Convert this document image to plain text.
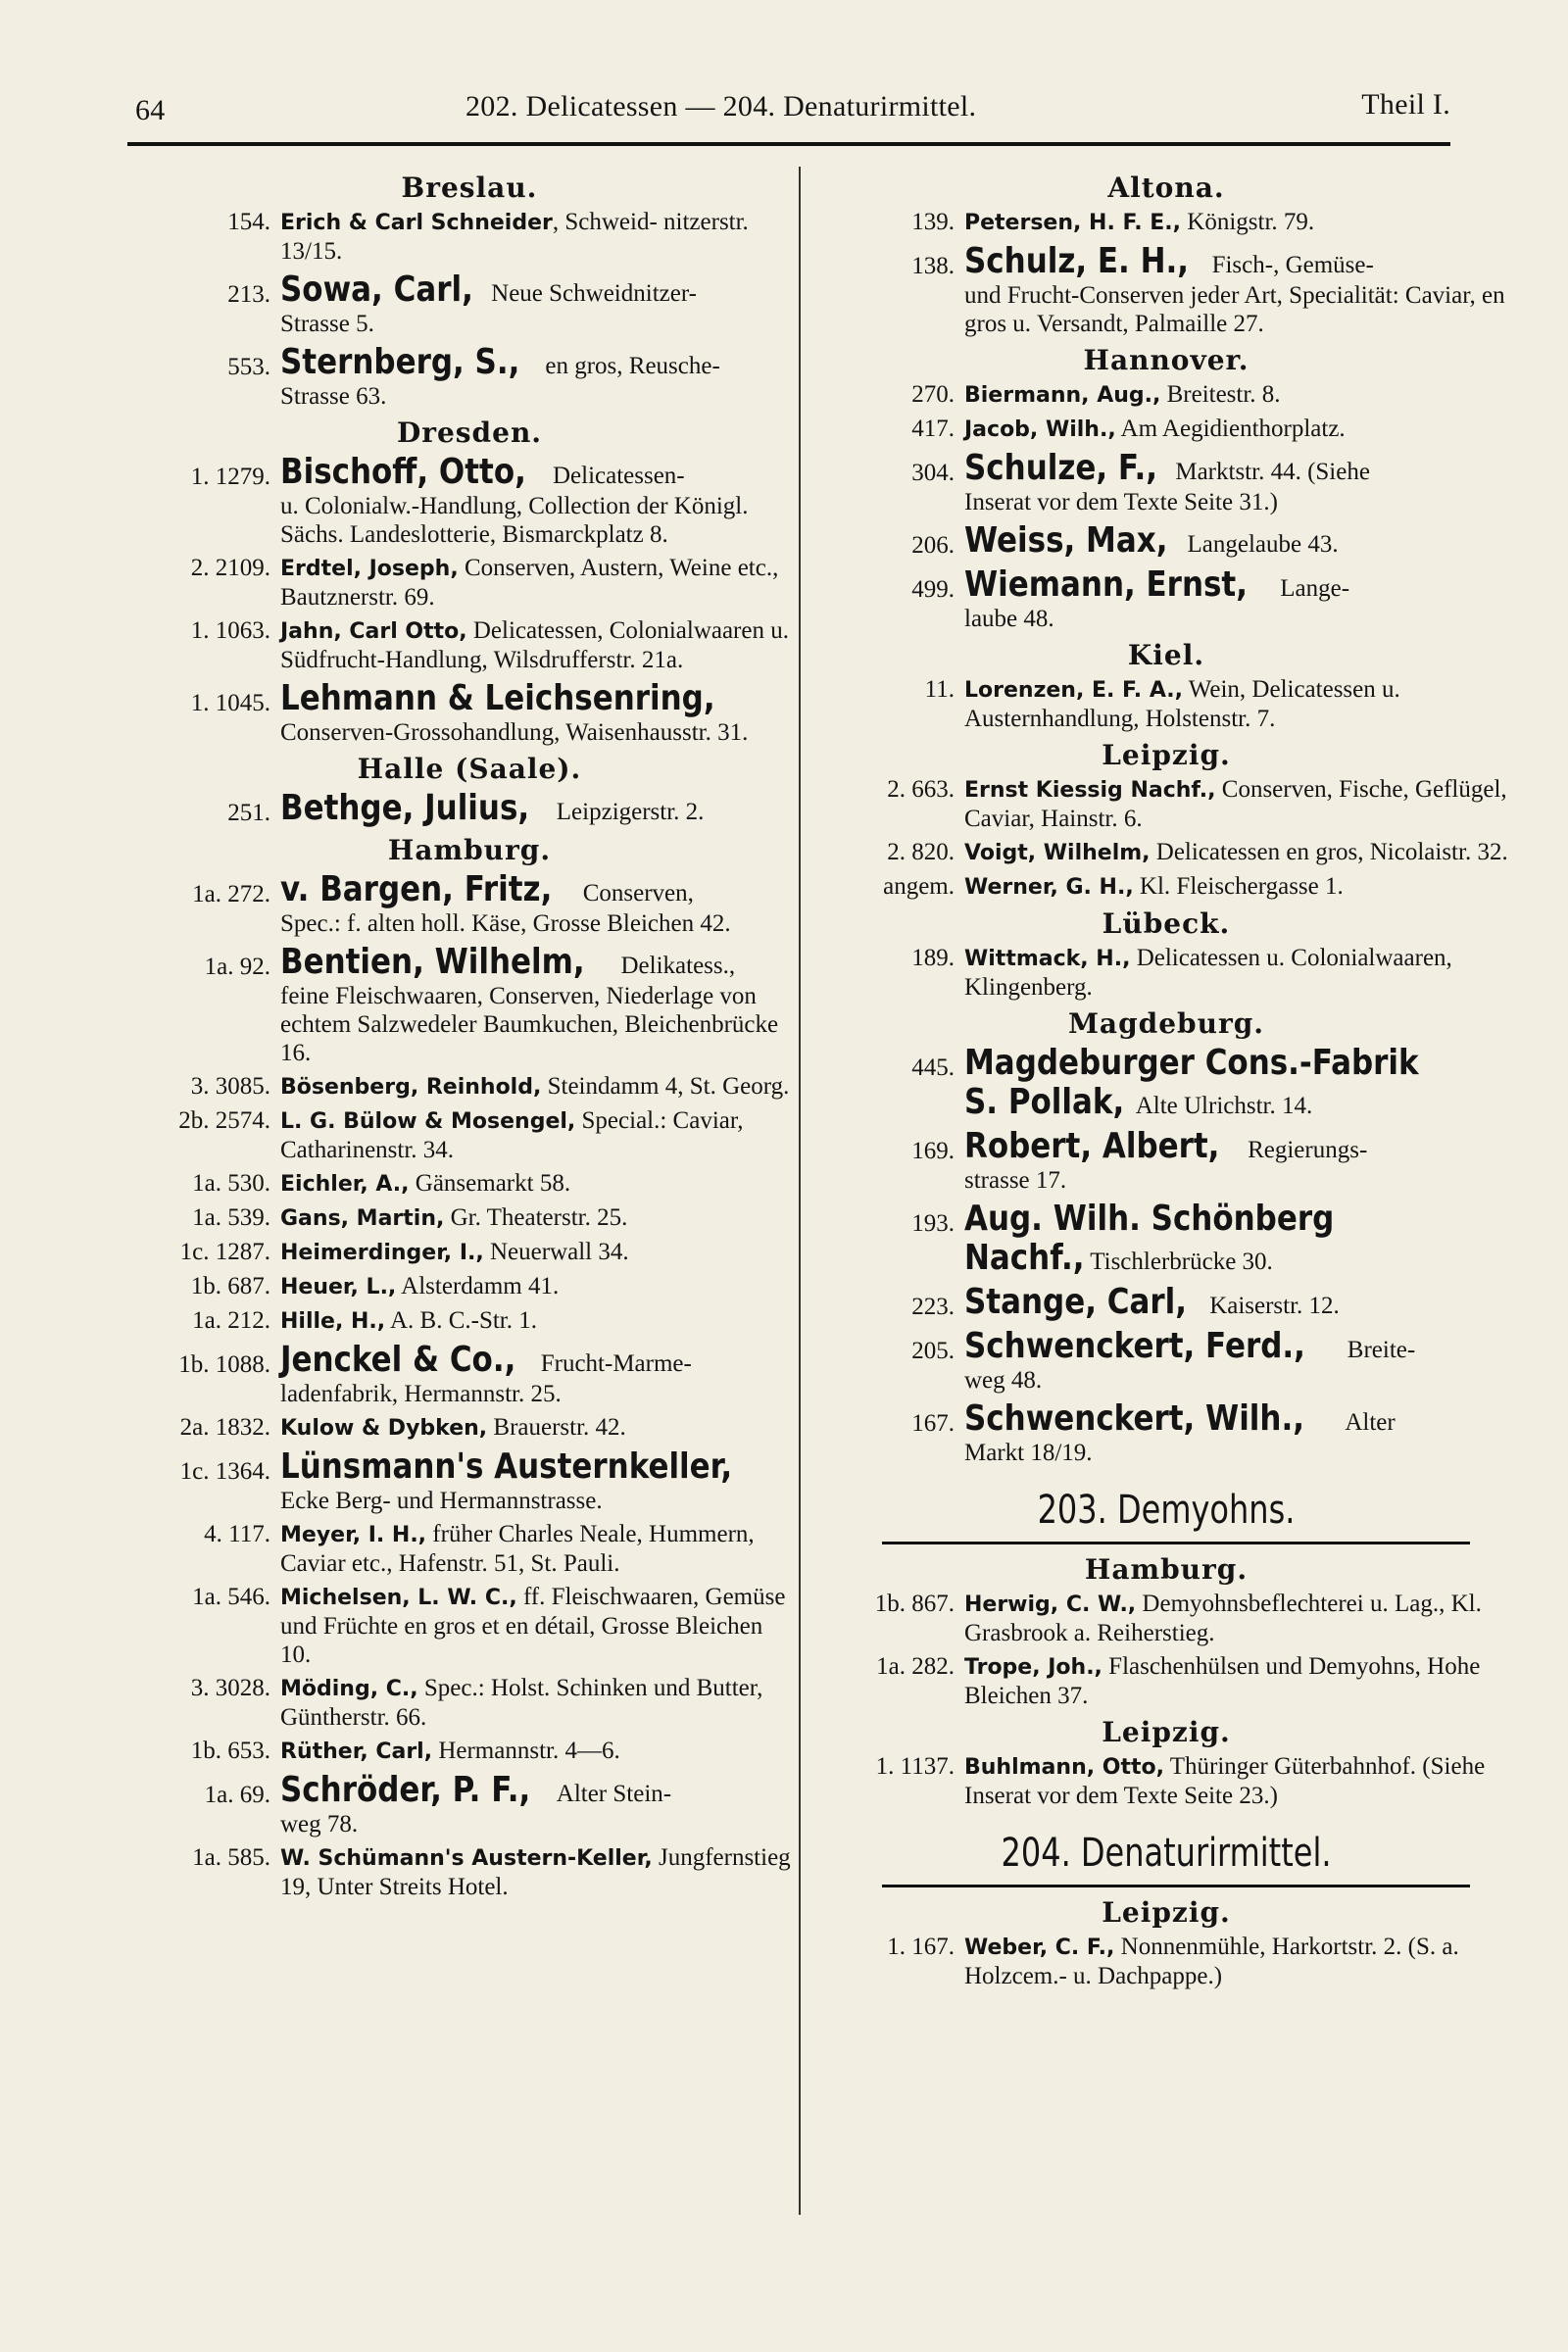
64	202. Delicatessen — 204. Denaturirmittel.	Theil I.
Breslau.
154. Erich & Carl Schneider, Schweid- nitzerstr. 13/15.
213. Sowa, Carl, Neue Schweidnitzer-
Strasse 5.
553. Sternberg, S., en gros, Reusche-
Strasse 63.
Dresden.
1. 1279. Bischoff, Otto, Delicatessen-
u. Colonialw.-Handlung, Collection der Königl. Sächs. Landeslotterie, Bismarckplatz 8.
2. 2109. Erdtel, Joseph, Conserven, Austern, Weine etc., Bautznerstr. 69.
1. 1063. Jahn, Carl Otto, Delicatessen, Colonialwaaren u. Südfrucht-Handlung, Wilsdrufferstr. 21a.
1. 1045. Lehmann & Leichsenring,
Conserven-Grossohandlung, Waisenhausstr. 31.
Halle (Saale).
251. Bethge, Julius, Leipzigerstr. 2.
Hamburg.
1a. 272. v. Bargen, Fritz, Conserven,
Spec.: f. alten holl. Käse, Grosse Bleichen 42.
1a. 92. Bentien, Wilhelm, Delikatess.,
feine Fleischwaaren, Conserven, Niederlage von echtem Salzwedeler Baumkuchen, Bleichenbrücke 16.
3. 3085. Bösenberg, Reinhold, Steindamm 4, St. Georg.
2b. 2574. L. G. Bülow & Mosengel, Special.: Caviar, Catharinenstr. 34.
1a. 530. Eichler, A., Gänsemarkt 58.
1a. 539. Gans, Martin, Gr. Theaterstr. 25.
1c. 1287. Heimerdinger, I., Neuerwall 34.
1b. 687. Heuer, L., Alsterdamm 41.
1a. 212. Hille, H., A. B. C.-Str. 1.
1b. 1088. Jenckel & Co., Frucht-Marme-
ladenfabrik, Hermannstr. 25.
2a. 1832. Kulow & Dybken, Brauerstr. 42.
1c. 1364. Lünsmann's Austernkeller,
Ecke Berg- und Hermannstrasse.
4. 117. Meyer, I. H., früher Charles Neale, Hummern, Caviar etc., Hafenstr. 51, St. Pauli.
1a. 546. Michelsen, L. W. C., ff. Fleischwaaren, Gemüse und Früchte en gros et en détail, Grosse Bleichen 10.
3. 3028. Möding, C., Spec.: Holst. Schinken und Butter, Güntherstr. 66.
1b. 653. Rüther, Carl, Hermannstr. 4—6.
1a. 69. Schröder, P. F., Alter Stein-
weg 78.
1a. 585. W. Schümann's Austern-Keller, Jungfernstieg 19, Unter Streits Hotel.
Altona.
139. Petersen, H. F. E., Königstr. 79.
138. Schulz, E. H., Fisch-, Gemüse-
und Frucht-Conserven jeder Art, Specialität: Caviar, en gros u. Versandt, Palmaille 27.
Hannover.
270. Biermann, Aug., Breitestr. 8.
417. Jacob, Wilh., Am Aegidienthorplatz.
304. Schulze, F., Marktstr. 44. (Siehe
Inserat vor dem Texte Seite 31.)
206. Weiss, Max, Langelaube 43.
499. Wiemann, Ernst, Lange-
laube 48.
Kiel.
11. Lorenzen, E. F. A., Wein, Delicatessen u. Austernhandlung, Holstenstr. 7.
Leipzig.
2. 663. Ernst Kiessig Nachf., Conserven, Fische, Geflügel, Caviar, Hainstr. 6.
2. 820. Voigt, Wilhelm, Delicatessen en gros, Nicolaistr. 32.
angem. Werner, G. H., Kl. Fleischergasse 1.
Lübeck.
189. Wittmack, H., Delicatessen u. Colonialwaaren, Klingenberg.
Magdeburg.
445. Magdeburger Cons.-Fabrik
S. Pollak, Alte Ulrichstr. 14.
169. Robert, Albert, Regierungs-
strasse 17.
193. Aug. Wilh. Schönberg
Nachf., Tischlerbrücke 30.
223. Stange, Carl, Kaiserstr. 12.
205. Schwenckert, Ferd., Breite-
weg 48.
167. Schwenckert, Wilh., Alter
Markt 18/19.
203. Demyohns.
Hamburg.
1b. 867. Herwig, C. W., Demyohnsbeflechterei u. Lag., Kl. Grasbrook a. Reiherstieg.
1a. 282. Trope, Joh., Flaschenhülsen und Demyohns, Hohe Bleichen 37.
Leipzig.
1. 1137. Buhlmann, Otto, Thüringer Güterbahnhof. (Siehe Inserat vor dem Texte Seite 23.)
204. Denaturirmittel.
Leipzig.
1. 167. Weber, C. F., Nonnenmühle, Harkortstr. 2. (S. a. Holzcem.- u. Dachpappe.)
